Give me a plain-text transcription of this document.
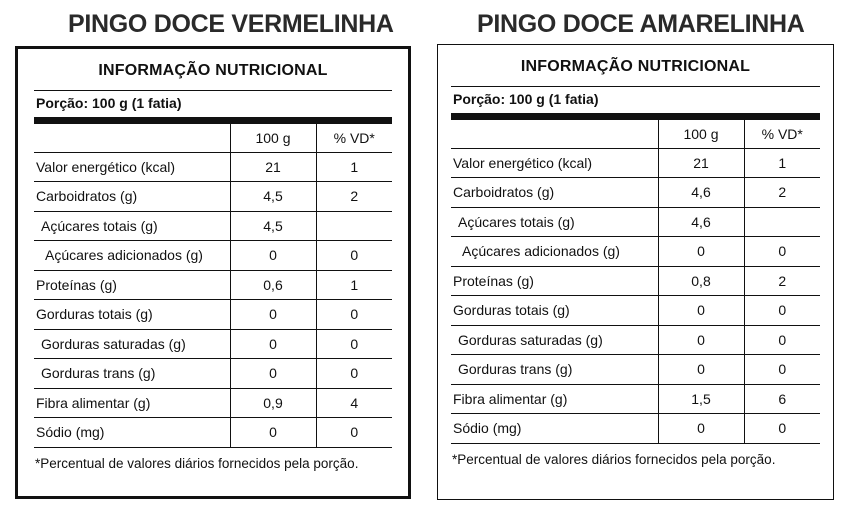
PINGO DOCE VERMELINHA
INFORMAÇÃO NUTRICIONAL
Porção: 100 g (1 fatia)
	100 g	% VD*
Valor energético (kcal)	21	1
Carboidratos (g)	4,5	2
Açúcares totais (g)	4,5	
Açúcares adicionados (g)	0	0
Proteínas (g)	0,6	1
Gorduras totais (g)	0	0
Gorduras saturadas (g)	0	0
Gorduras trans (g)	0	0
Fibra alimentar (g)	0,9	4
Sódio (mg)	0	0
*Percentual de valores diários fornecidos pela porção.
PINGO DOCE AMARELINHA
INFORMAÇÃO NUTRICIONAL
Porção: 100 g (1 fatia)
	100 g	% VD*
Valor energético (kcal)	21	1
Carboidratos (g)	4,6	2
Açúcares totais (g)	4,6	
Açúcares adicionados (g)	0	0
Proteínas (g)	0,8	2
Gorduras totais (g)	0	0
Gorduras saturadas (g)	0	0
Gorduras trans (g)	0	0
Fibra alimentar (g)	1,5	6
Sódio (mg)	0	0
*Percentual de valores diários fornecidos pela porção.
